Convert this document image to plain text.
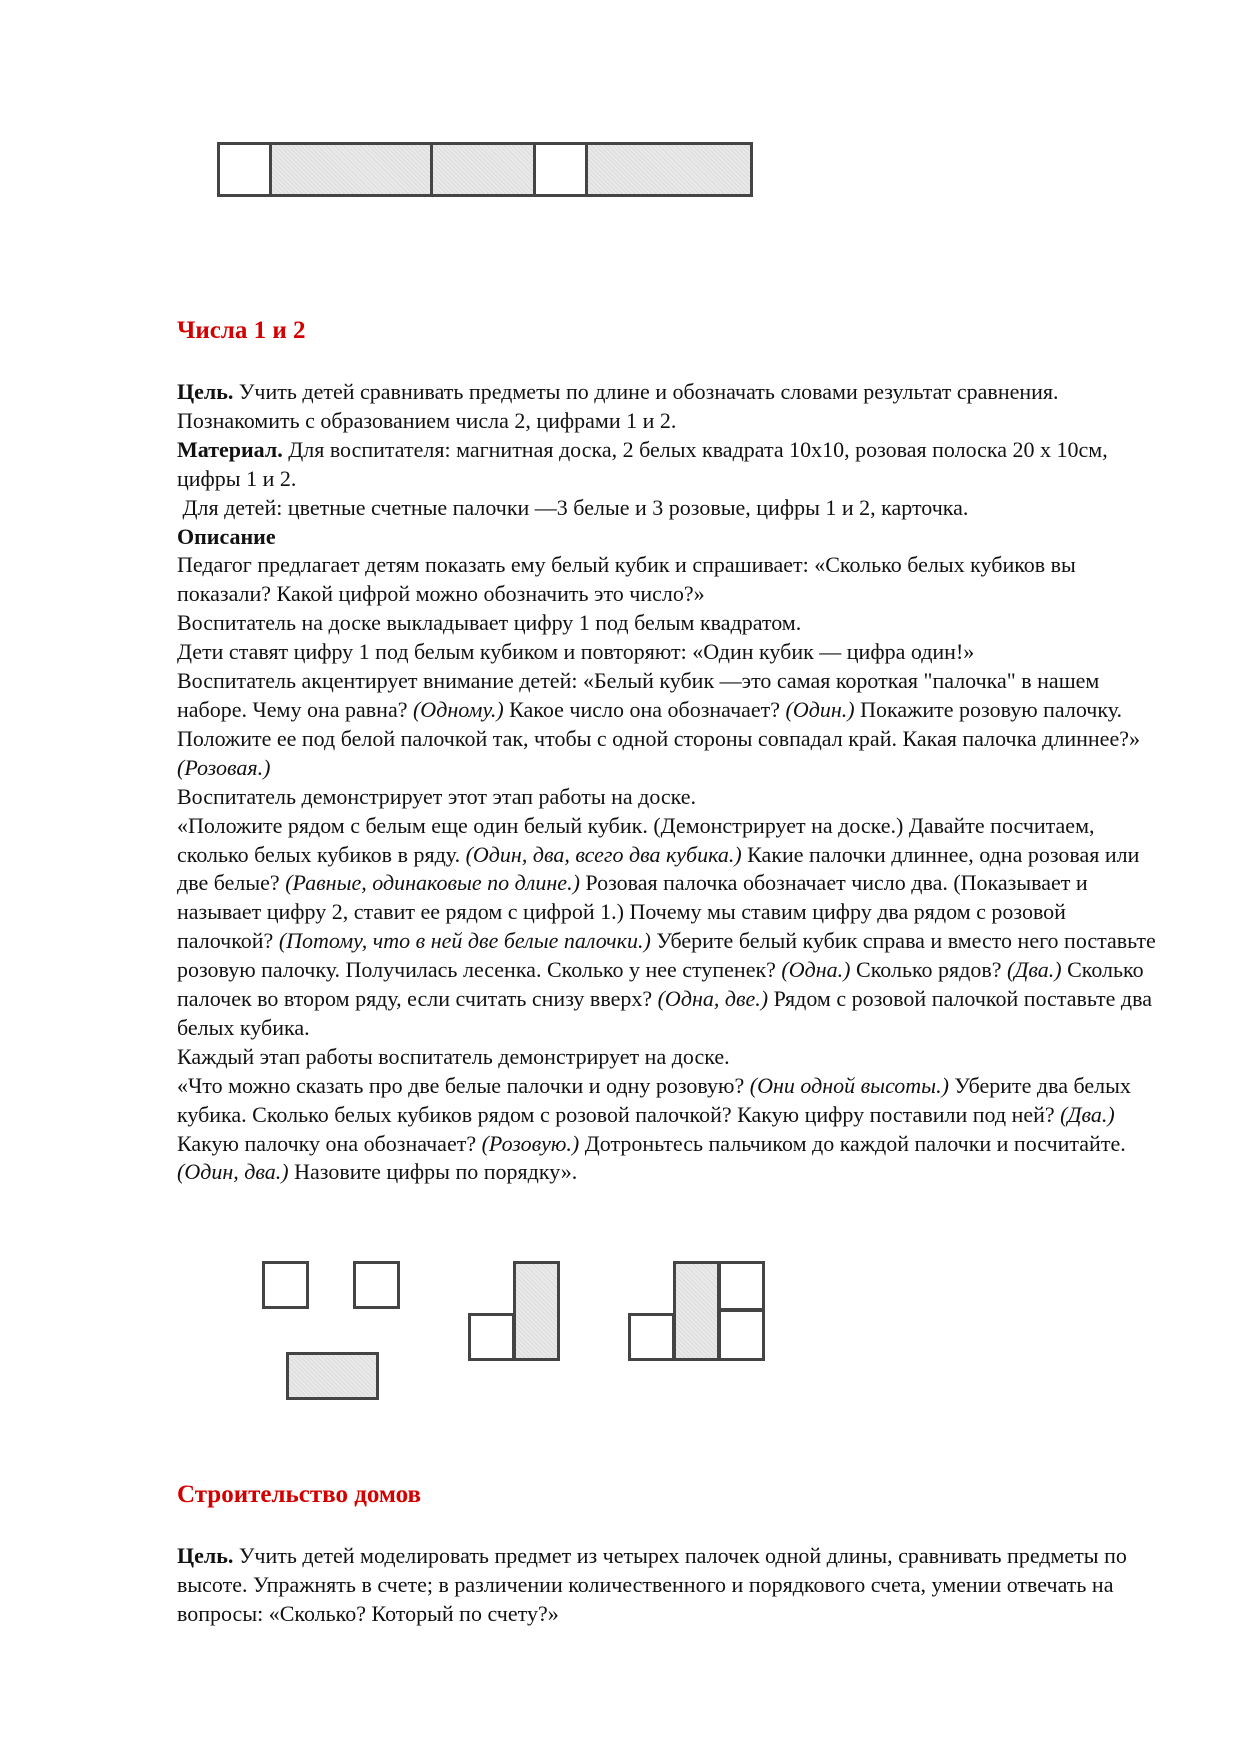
Числа 1 и 2

Цель. Учить детей сравнивать предметы по длине и обозначать словами результат сравнения. Познакомить с образованием числа 2, цифрами 1 и 2.

Материал. Для воспитателя: магнитная доска, 2 белых квадрата 10x10, розовая полоска 20 x 10см, цифры 1 и 2.

Для детей: цветные счетные палочки —3 белые и 3 розовые, цифры 1 и 2, карточка.

Описание

Педагог предлагает детям показать ему белый кубик и спрашивает: «Сколько белых кубиков вы показали? Какой цифрой можно обозначить это число?»

Воспитатель на доске выкладывает цифру 1 под белым квадратом.

Дети ставят цифру 1 под белым кубиком и повторяют: «Один кубик — цифра один!»

Воспитатель акцентирует внимание детей: «Белый кубик —это самая короткая "палочка" в нашем наборе. Чему она равна? (Одному.) Какое число она обозначает? (Один.) Покажите розовую палочку. Положите ее под белой палочкой так, чтобы с одной стороны совпадал край. Какая палочка длиннее?» (Розовая.)

Воспитатель демонстрирует этот этап работы на доске.

«Положите рядом с белым еще один белый кубик. (Демонстрирует на доске.) Давайте посчитаем, сколько белых кубиков в ряду. (Один, два, всего два кубика.) Какие палочки длиннее, одна розовая или две белые? (Равные, одинаковые по длине.) Розовая палочка обозначает число два. (Показывает и называет цифру 2, ставит ее рядом с цифрой 1.) Почему мы ставим цифру два рядом с розовой палочкой? (Потому, что в ней две белые палочки.) Уберите белый кубик справа и вместо него поставьте розовую палочку. Получилась лесенка. Сколько у нее ступенек? (Одна.) Сколько рядов? (Два.) Сколько палочек во втором ряду, если считать снизу вверх? (Одна, две.) Рядом с розовой палочкой поставьте два белых кубика.

Каждый этап работы воспитатель демонстрирует на доске.

«Что можно сказать про две белые палочки и одну розовую? (Они одной высоты.) Уберите два белых кубика. Сколько белых кубиков рядом с розовой палочкой? Какую цифру поставили под ней? (Два.) Какую палочку она обозначает? (Розовую.) Дотроньтесь пальчиком до каждой палочки и посчитайте. (Один, два.) Назовите цифры по порядку».

Строительство домов

Цель. Учить детей моделировать предмет из четырех палочек одной длины, сравнивать предметы по высоте. Упражнять в счете; в различении количественного и порядкового счета, умении отвечать на вопросы: «Сколько? Который по счету?»
